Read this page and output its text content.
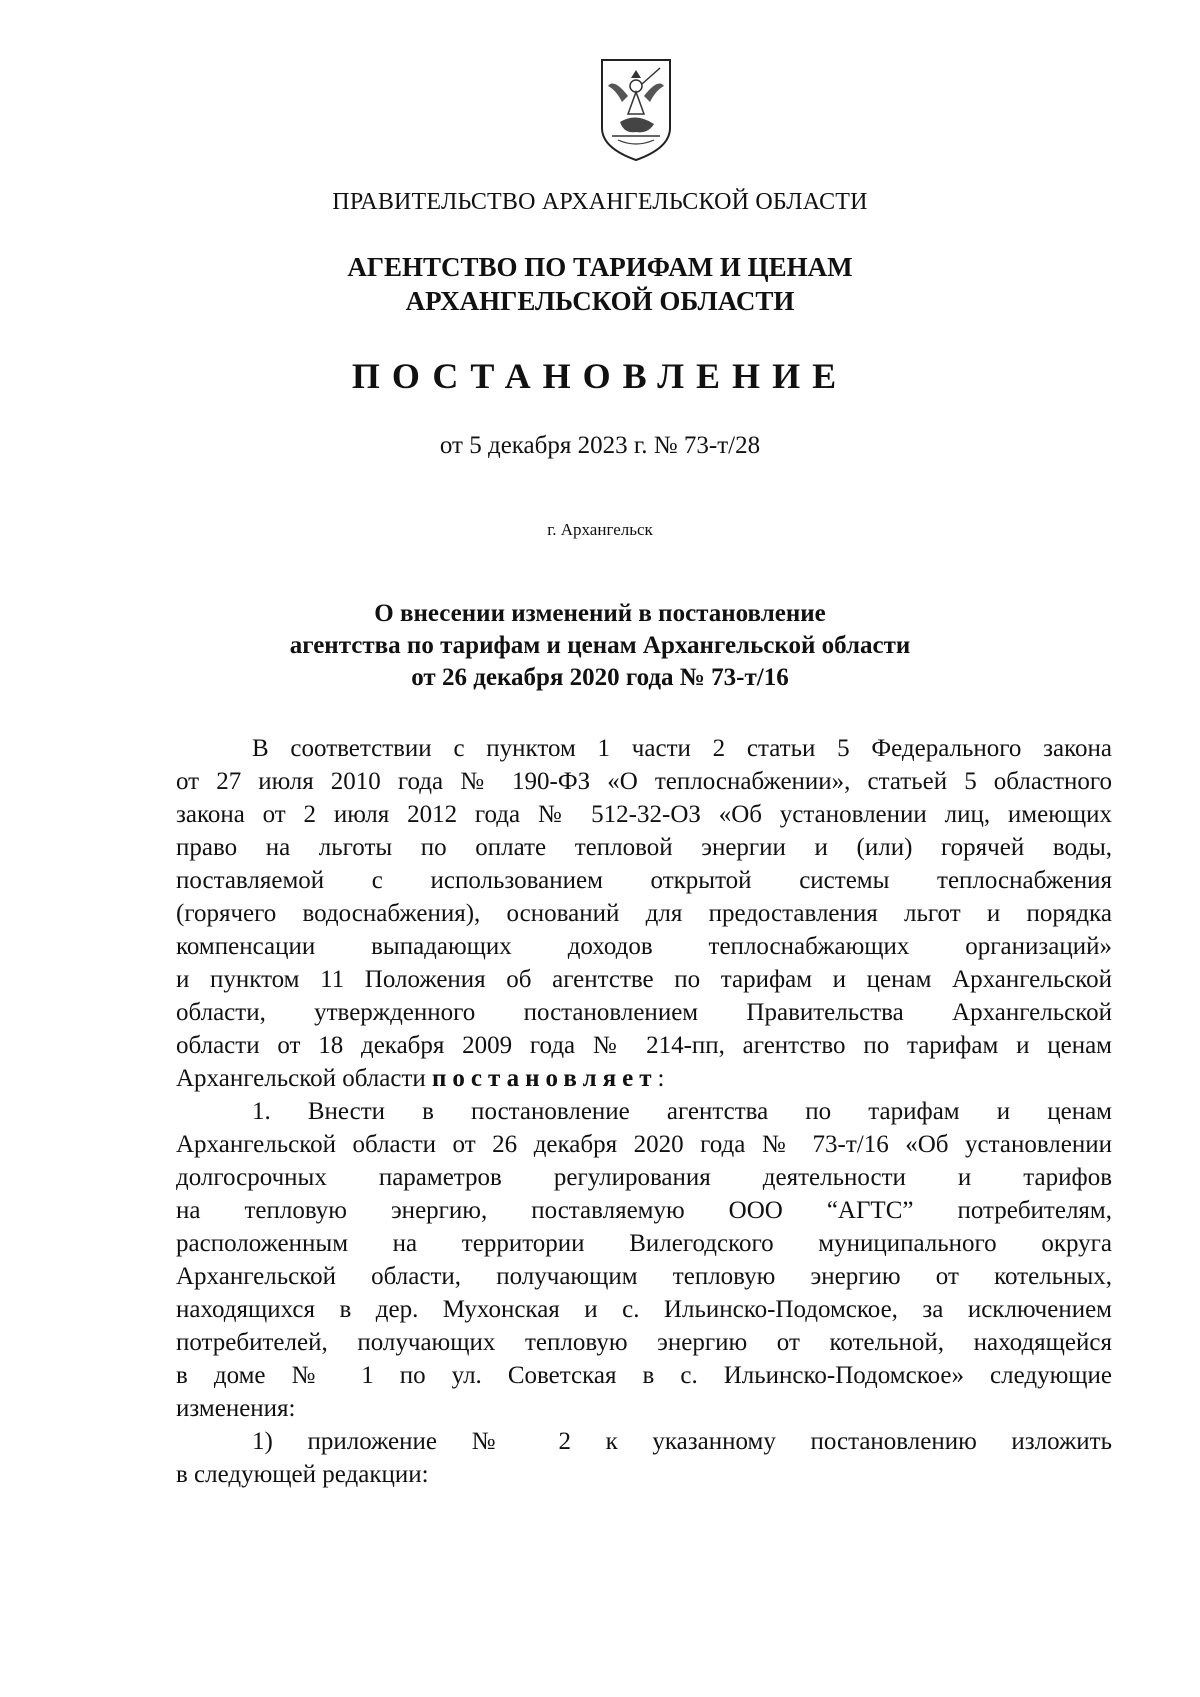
ПРАВИТЕЛЬСТВО АРХАНГЕЛЬСКОЙ ОБЛАСТИ
АГЕНТСТВО ПО ТАРИФАМ И ЦЕНАМ
АРХАНГЕЛЬСКОЙ ОБЛАСТИ
ПОСТАНОВЛЕНИЕ
от 5 декабря 2023 г. № 73-т/28
г. Архангельск
О внесении изменений в постановление
агентства по тарифам и ценам Архангельской области
от 26 декабря 2020 года № 73-т/16
В соответствии с пунктом 1 части 2 статьи 5 Федерального закона
от 27 июля 2010 года № 190-ФЗ «О теплоснабжении», статьей 5 областного
закона от 2 июля 2012 года № 512-32-ОЗ «Об установлении лиц, имеющих
право на льготы по оплате тепловой энергии и (или) горячей воды,
поставляемой с использованием открытой системы теплоснабжения
(горячего водоснабжения), оснований для предоставления льгот и порядка
компенсации выпадающих доходов теплоснабжающих организаций»
и пунктом 11 Положения об агентстве по тарифам и ценам Архангельской
области, утвержденного постановлением Правительства Архангельской
области от 18 декабря 2009 года № 214-пп, агентство по тарифам и ценам
Архангельской области постановляет:
1. Внести в постановление агентства по тарифам и ценам
Архангельской области от 26 декабря 2020 года № 73-т/16 «Об установлении
долгосрочных параметров регулирования деятельности и тарифов
на тепловую энергию, поставляемую ООО “АГТС” потребителям,
расположенным на территории Вилегодского муниципального округа
Архангельской области, получающим тепловую энергию от котельных,
находящихся в дер. Мухонская и с. Ильинско-Подомское, за исключением
потребителей, получающих тепловую энергию от котельной, находящейся
в доме № 1 по ул. Советская в с. Ильинско-Подомское» следующие
изменения:
1) приложение № 2 к указанному постановлению изложить
в следующей редакции:
